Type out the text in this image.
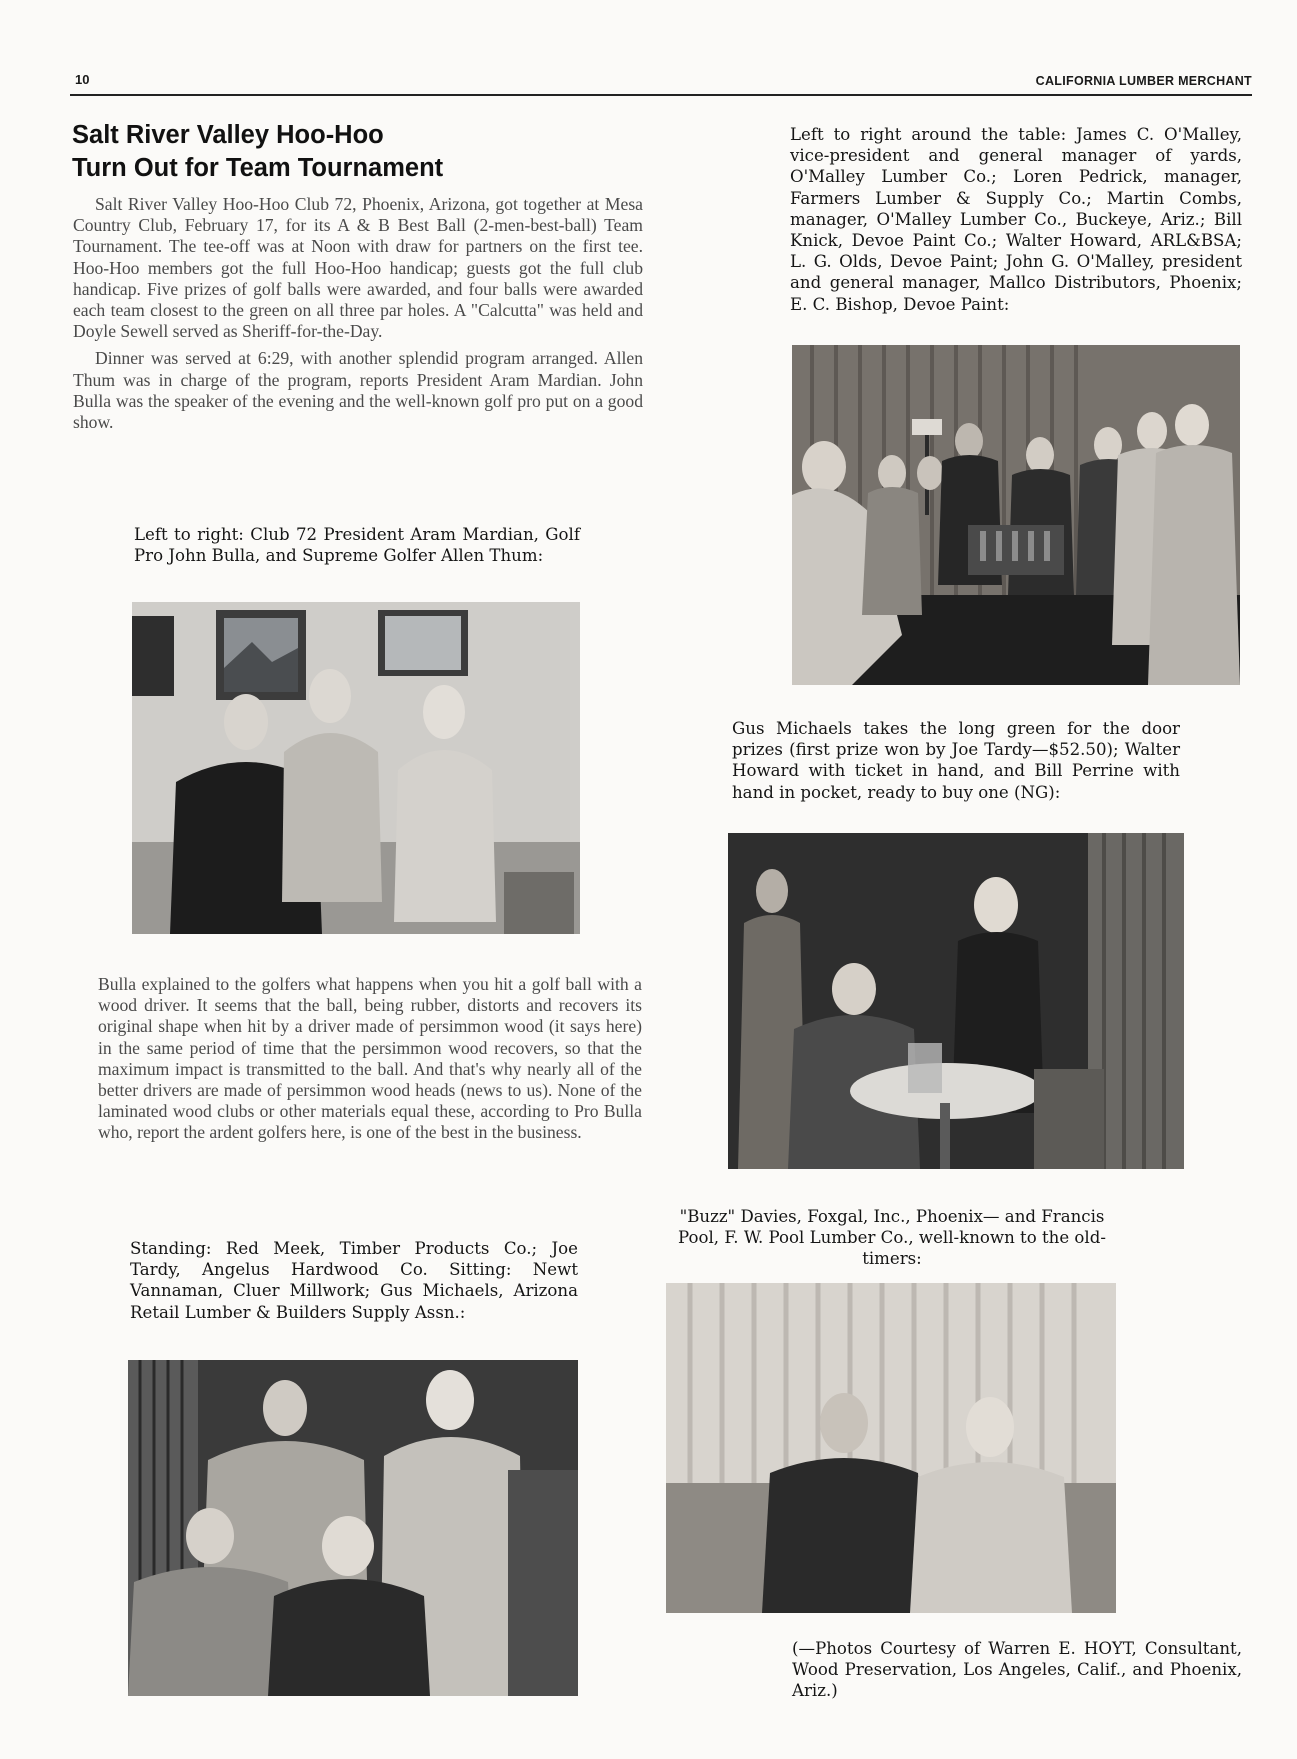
10	CALIFORNIA LUMBER MERCHANT
Salt River Valley Hoo-Hoo
Turn Out for Team Tournament

Salt River Valley Hoo-Hoo Club 72, Phoenix, Arizona, got together at Mesa Country Club, February 17, for its A & B Best Ball (2-men-best-ball) Team Tournament. The tee-off was at Noon with draw for partners on the first tee. Hoo-Hoo members got the full Hoo-Hoo handicap; guests got the full club handicap. Five prizes of golf balls were awarded, and four balls were awarded each team closest to the green on all three par holes. A "Calcutta" was held and Doyle Sewell served as Sheriff-for-the-Day.

Dinner was served at 6:29, with another splendid program arranged. Allen Thum was in charge of the program, reports President Aram Mardian. John Bulla was the speaker of the evening and the well-known golf pro put on a good show.

Left to right: Club 72 President Aram Mardian, Golf Pro John Bulla, and Supreme Golfer Allen Thum:

Bulla explained to the golfers what happens when you hit a golf ball with a wood driver. It seems that the ball, being rubber, distorts and recovers its original shape when hit by a driver made of persimmon wood (it says here) in the same period of time that the persimmon wood recovers, so that the maximum impact is transmitted to the ball. And that's why nearly all of the better drivers are made of persimmon wood heads (news to us). None of the laminated wood clubs or other materials equal these, according to Pro Bulla who, report the ardent golfers here, is one of the best in the business.

Standing: Red Meek, Timber Products Co.; Joe Tardy, Angelus Hardwood Co. Sitting: Newt Vannaman, Cluer Millwork; Gus Michaels, Arizona Retail Lumber & Builders Supply Assn.:
Left to right around the table: James C. O'Malley, vice-president and general manager of yards, O'Malley Lumber Co.; Loren Pedrick, manager, Farmers Lumber & Supply Co.; Martin Combs, manager, O'Malley Lumber Co., Buckeye, Ariz.; Bill Knick, Devoe Paint Co.; Walter Howard, ARL&BSA; L. G. Olds, Devoe Paint; John G. O'Malley, president and general manager, Mallco Distributors, Phoenix; E. C. Bishop, Devoe Paint:
Gus Michaels takes the long green for the door prizes (first prize won by Joe Tardy—$52.50); Walter Howard with ticket in hand, and Bill Perrine with hand in pocket, ready to buy one (NG):
"Buzz" Davies, Foxgal, Inc., Phoenix— and Francis Pool, F. W. Pool Lumber Co., well-known to the old-timers:
(—Photos Courtesy of Warren E. HOYT, Consultant, Wood Preservation, Los Angeles, Calif., and Phoenix, Ariz.)
